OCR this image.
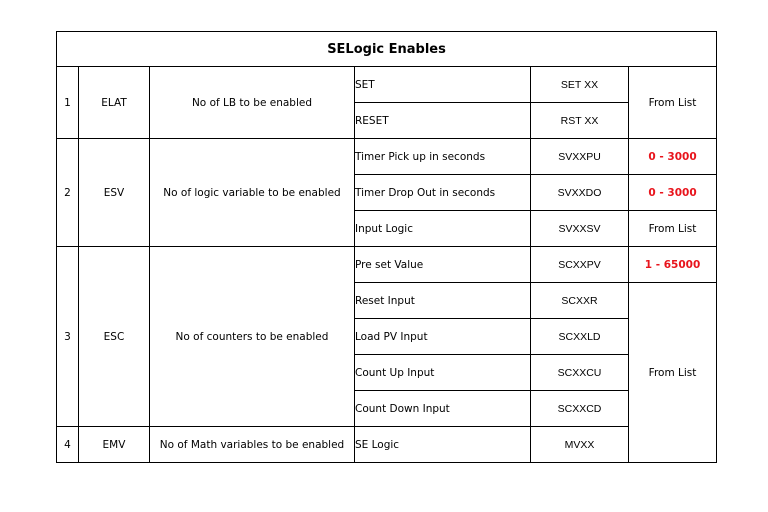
SELogic Enables					
1	ELAT	No of LB to be enabled	SET	SET XX	From List
			RESET	RST XX	
2	ESV	No of logic variable to be enabled	Timer Pick up in seconds	SVXXPU	0 - 3000
			Timer Drop Out in seconds	SVXXDO	0 - 3000
			Input Logic	SVXXSV	From List
3	ESC	No of counters to be enabled	Pre set Value	SCXXPV	1 - 65000
			Reset Input	SCXXR	From List
			Load PV Input	SCXXLD	
			Count Up Input	SCXXCU	
			Count Down Input	SCXXCD	
4	EMV	No of Math variables to be enabled	SE Logic	MVXX	
